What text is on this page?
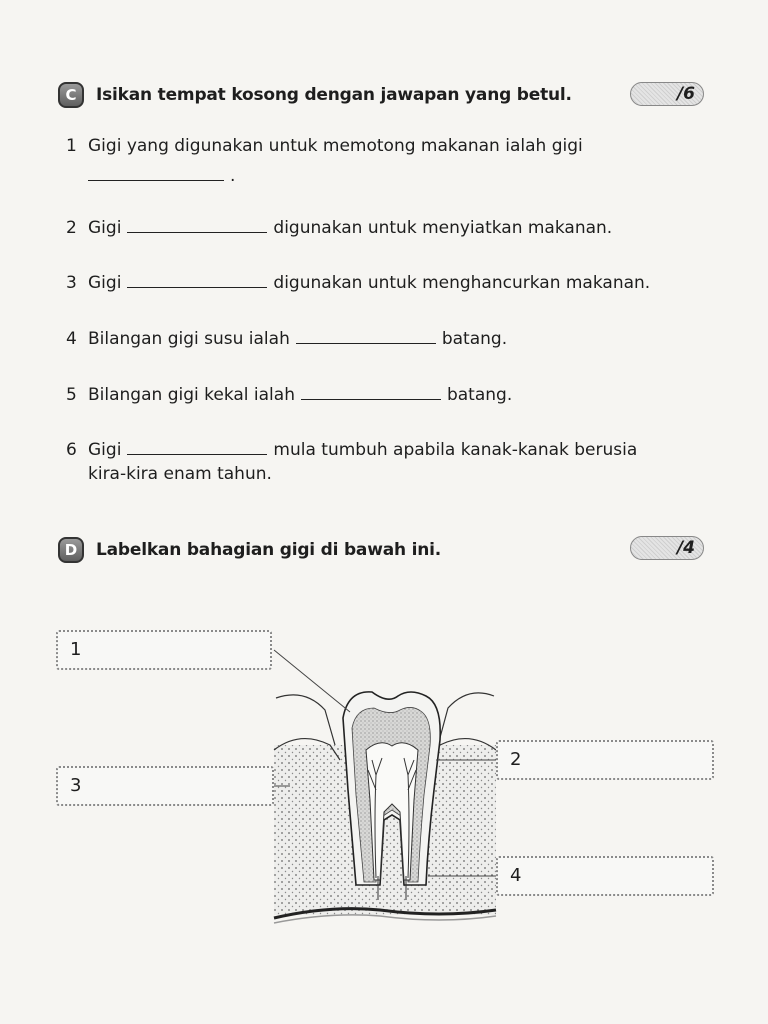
C	Isikan tempat kosong dengan jawapan yang betul.	/6
1 Gigi yang digunakan untuk memotong makanan ialah gigi
.
2 Gigi	digunakan untuk menyiatkan makanan.
3 Gigi	digunakan untuk menghancurkan makanan.
4 Bilangan gigi susu ialah	batang.
5 Bilangan gigi kekal ialah	batang.
6 Gigi	mula tumbuh apabila kanak-kanak berusia
kira-kira enam tahun.
D	Labelkan bahagian gigi di bawah ini.	/4
1
2
3
4
